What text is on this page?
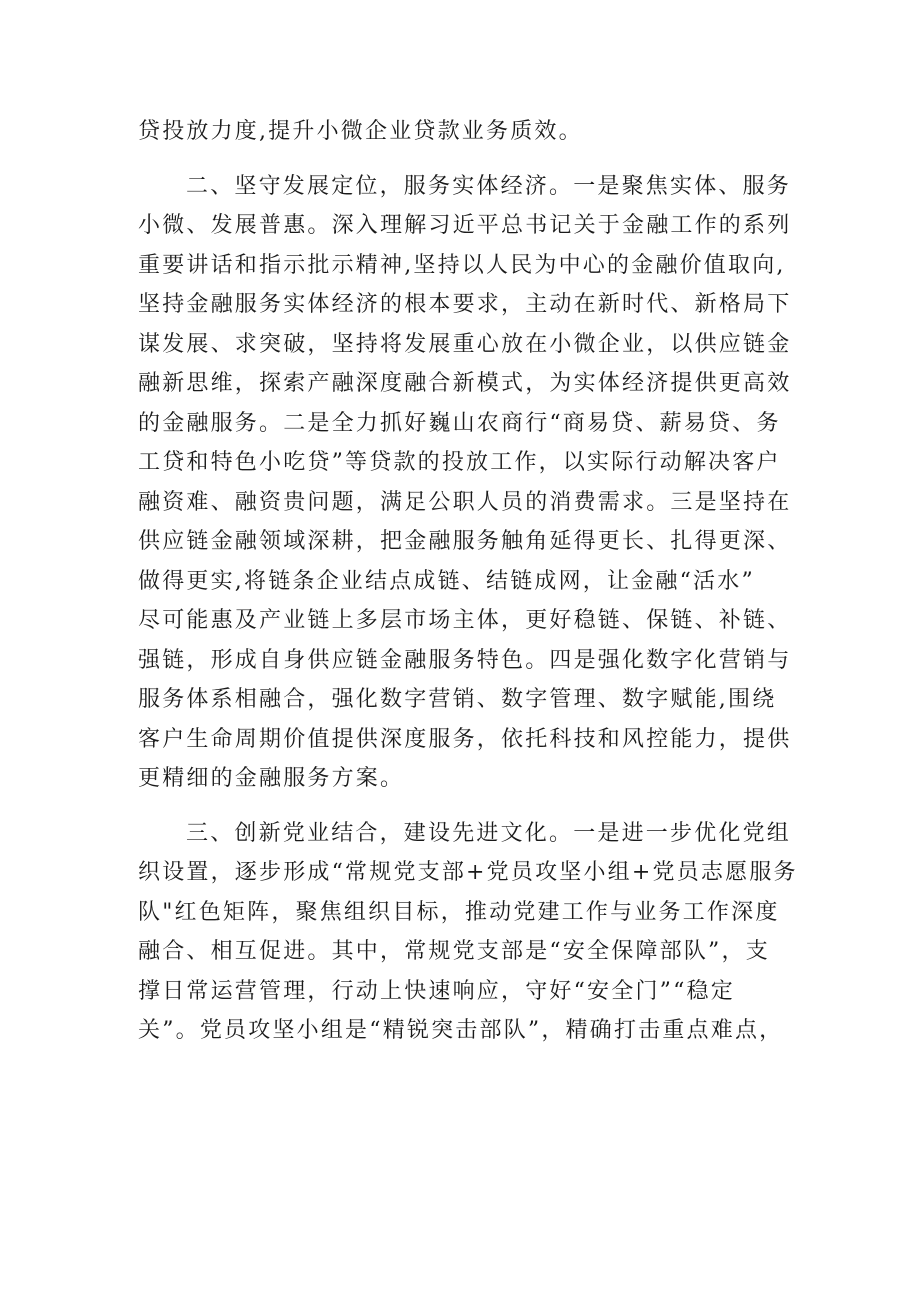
贷投放力度,提升小微企业贷款业务质效。
二、坚守发展定位，服务实体经济。一是聚焦实体、服务
小微、发展普惠。深入理解习近平总书记关于金融工作的系列
重要讲话和指示批示精神,坚持以人民为中心的金融价值取向,
坚持金融服务实体经济的根本要求，主动在新时代、新格局下
谋发展、求突破，坚持将发展重心放在小微企业，以供应链金
融新思维，探索产融深度融合新模式，为实体经济提供更高效
的金融服务。二是全力抓好巍山农商行“商易贷、薪易贷、务
工贷和特色小吃贷”等贷款的投放工作，以实际行动解决客户
融资难、融资贵问题，满足公职人员的消费需求。三是坚持在
供应链金融领域深耕，把金融服务触角延得更长、扎得更深、
做得更实,将链条企业结点成链、结链成网，让金融“活水”
尽可能惠及产业链上多层市场主体，更好稳链、保链、补链、
强链，形成自身供应链金融服务特色。四是强化数字化营销与
服务体系相融合，强化数字营销、数字管理、数字赋能,围绕
客户生命周期价值提供深度服务，依托科技和风控能力，提供
更精细的金融服务方案。
三、创新党业结合，建设先进文化。一是进一步优化党组
织设置，逐步形成“常规党支部+党员攻坚小组+党员志愿服务
队"红色矩阵，聚焦组织目标，推动党建工作与业务工作深度
融合、相互促进。其中，常规党支部是“安全保障部队”，支
撑日常运营管理，行动上快速响应，守好“安全门”“稳定
关”。党员攻坚小组是“精锐突击部队”，精确打击重点难点，
